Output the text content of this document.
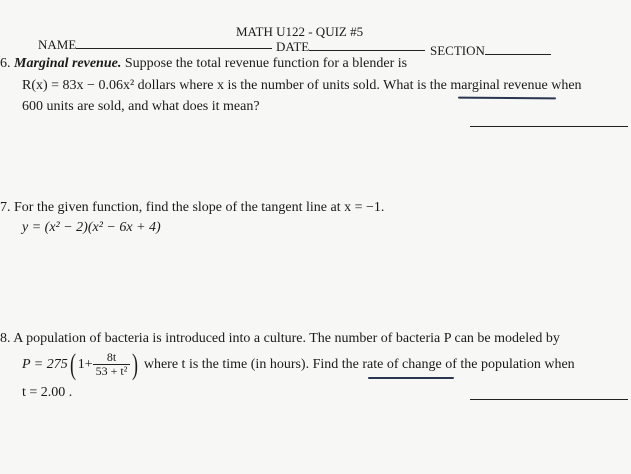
MATH U122 - QUIZ #5
NAME	DATE	SECTION
6. Marginal revenue. Suppose the total revenue function for a blender is
R(x) = 83x − 0.06x² dollars where x is the number of units sold. What is the marginal revenue when
600 units are sold, and what does it mean?
7. For the given function, find the slope of the tangent line at x = −1.
y = (x² − 2)(x² − 6x + 4)
8. A population of bacteria is introduced into a culture. The number of bacteria P can be modeled by
P = 275( $1+ \frac{8t}{\text{53 + t²}}$ ) where t is the time (in hours). Find the rate of change of the population when
t = 2.00 .
